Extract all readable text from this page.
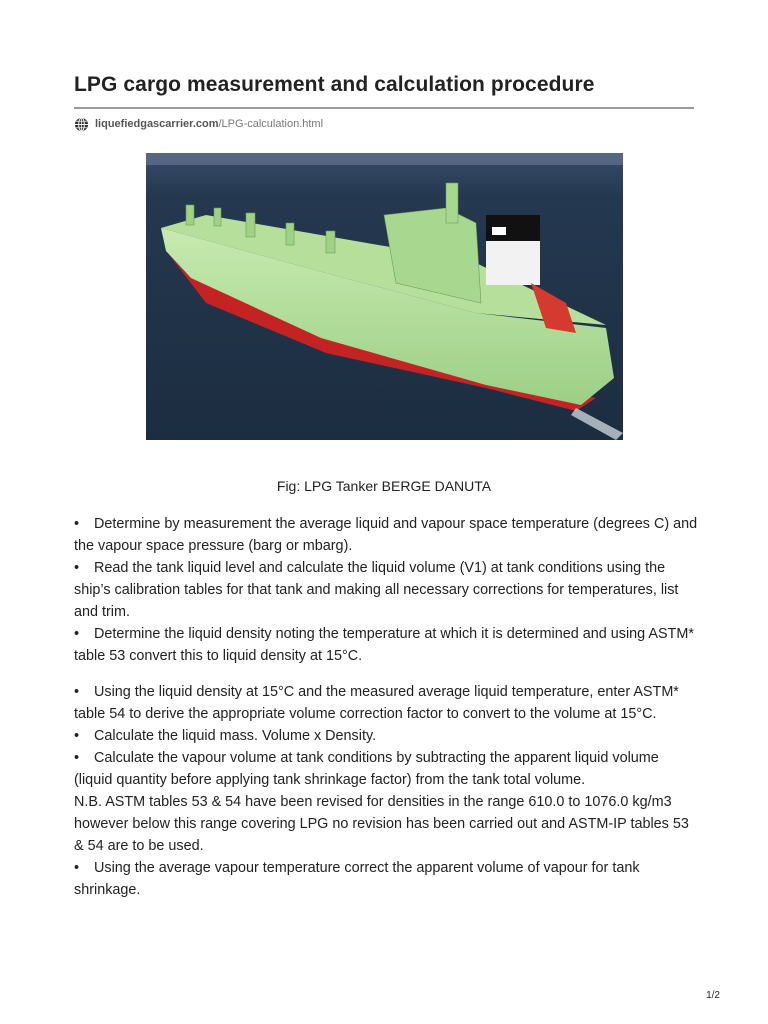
LPG cargo measurement and calculation procedure
liquefiedgascarrier.com /LPG-calculation.html
Fig: LPG Tanker BERGE DANUTA
• Determine by measurement the average liquid and vapour space temperature (degrees C) and the vapour space pressure (barg or mbarg).
• Read the tank liquid level and calculate the liquid volume (V1) at tank conditions using the ship’s calibration tables for that tank and making all necessary corrections for temperatures, list and trim.
• Determine the liquid density noting the temperature at which it is determined and using ASTM* table 53 convert this to liquid density at 15°C.
• Using the liquid density at 15°C and the measured average liquid temperature, enter ASTM* table 54 to derive the appropriate volume correction factor to convert to the volume at 15°C.
• Calculate the liquid mass. Volume x Density.
• Calculate the vapour volume at tank conditions by subtracting the apparent liquid volume (liquid quantity before applying tank shrinkage factor) from the tank total volume.
N.B. ASTM tables 53 & 54 have been revised for densities in the range 610.0 to 1076.0 kg/m3 however below this range covering LPG no revision has been carried out and ASTM-IP tables 53 & 54 are to be used.
• Using the average vapour temperature correct the apparent volume of vapour for tank shrinkage.
1/2
